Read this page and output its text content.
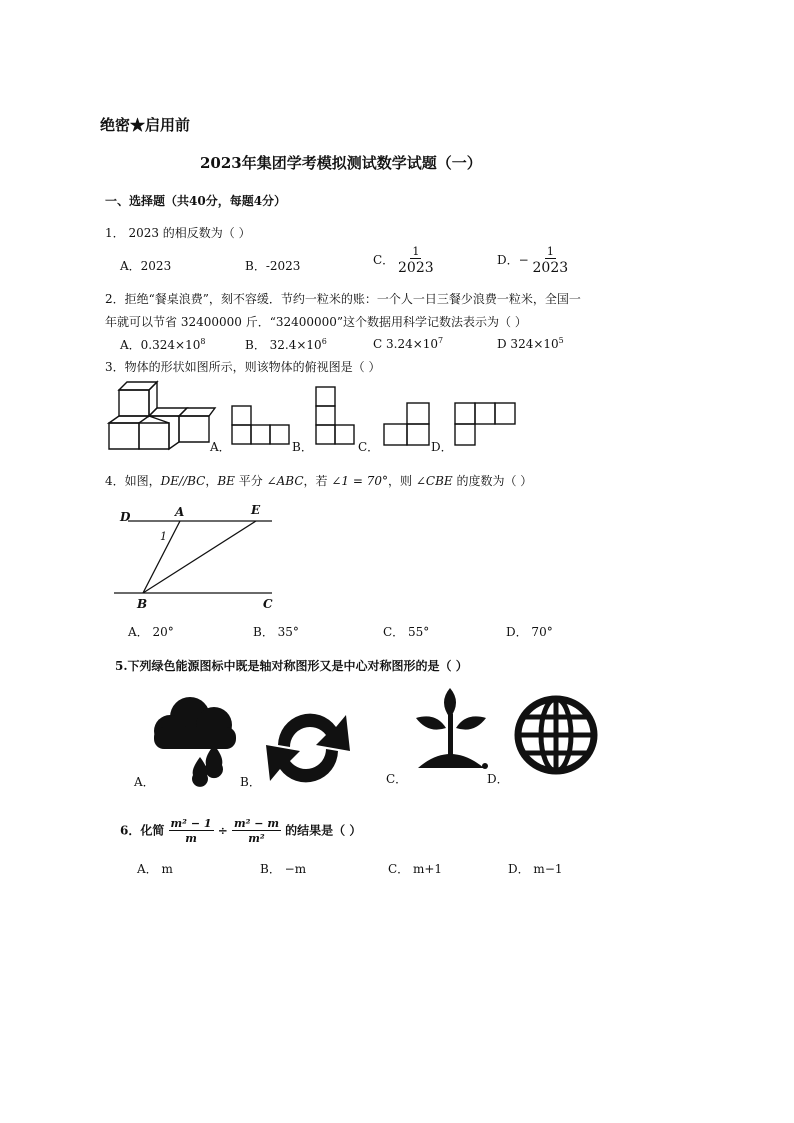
绝密★启用前
2023年集团学考模拟测试数学试题（一）
一、选择题（共40分，每题4分）
1． 2023 的相反数为（ ）
A．2023	B．-2023	C． $\frac{1}{2023}$	D．− $\frac{1}{2023}$
2．拒绝“餐桌浪费”，刻不容缓．节约一粒米的账：一个人一日三餐少浪费一粒米，全国一
年就可以节省 32400000 斤．“32400000”这个数据用科学记数法表示为（ ）
A．$0.324\times 10^8$	B． $32.4\times 10^6$	C $3.24\times 10^7$	D $324\times 10^5$
3．物体的形状如图所示，则该物体的俯视图是（ ）
A．	B．	C．	D．
4．如图，DE//BC，BE 平分 ∠ABC，若 ∠1 = 70°，则 ∠CBE 的度数为（ ）
D	A	E
1
B	C
A． 20°	B． 35°	C． 55°	D． 70°
5.下列绿色能源图标中既是轴对称图形又是中心对称图形的是（ ）
A．	B．	C．	D．
6．化简 $\frac{\text{m² − 1}}{m} \div \frac{\text{m² − m}}{\text{m²}}$ 的结果是（ ）
A． m	B． −m	C． m+1	D． m−1
